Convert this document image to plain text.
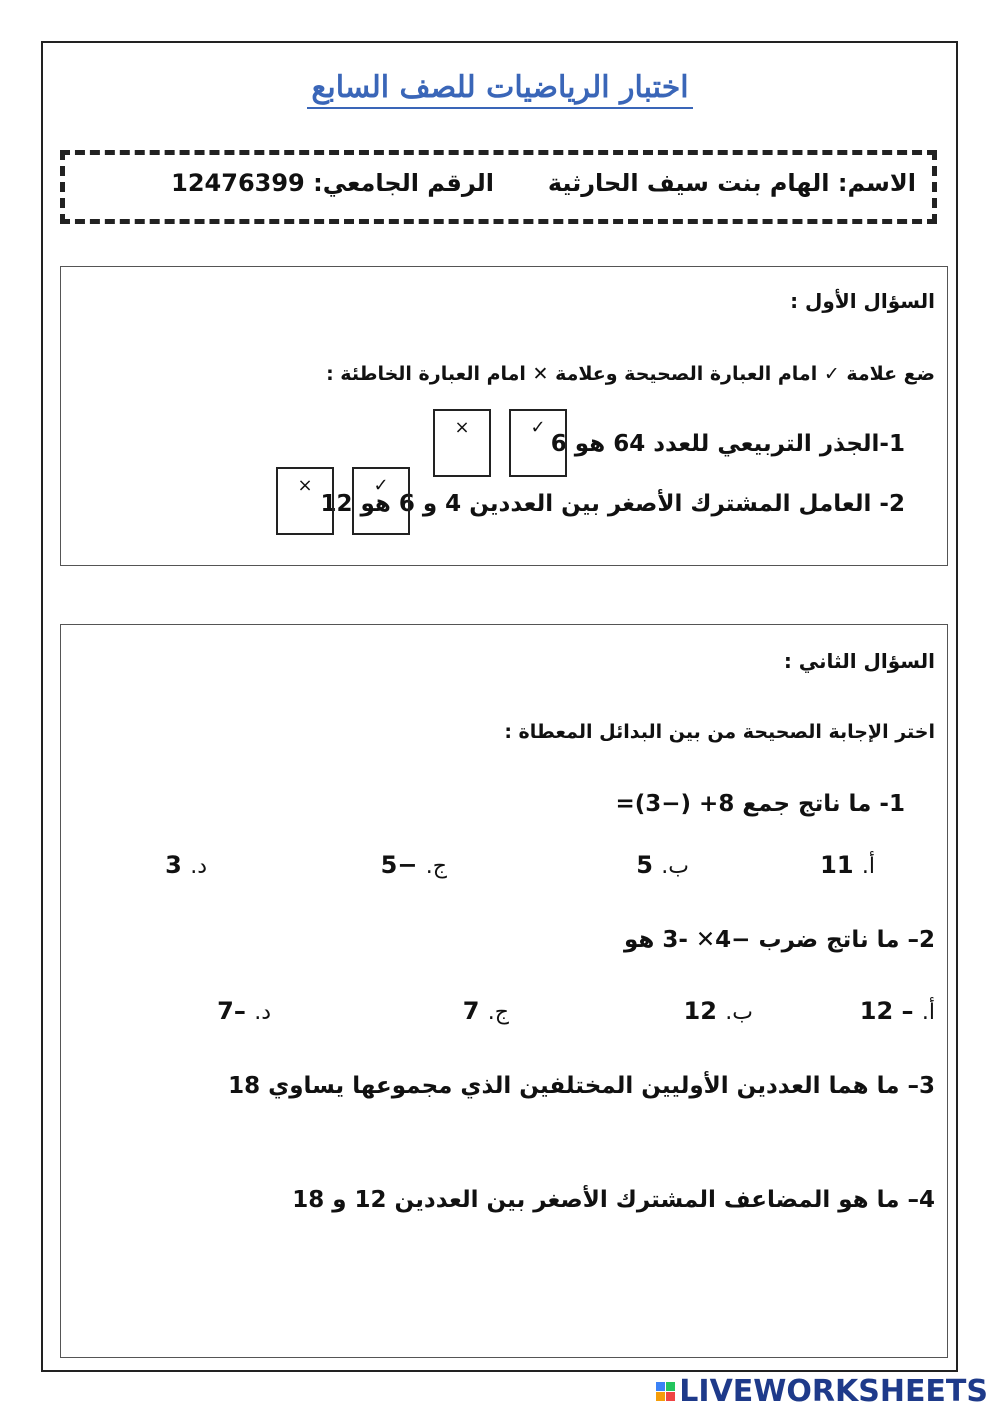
اختبار الرياضيات للصف السابع
الاسم: الهام بنت سيف الحارثية
الرقم الجامعي: 12476399
السؤال الأول :
ضع علامة ✓ امام العبارة الصحيحة وعلامة ✕ امام العبارة الخاطئة :
1-الجذر التربيعي للعدد 64 هو 6
✓
×
2- العامل المشترك الأصغر بين العددين 4 و 6 هو 12
✓
×
السؤال الثاني :
اختر الإجابة الصحيحة من بين البدائل المعطاة :
1- ما ناتج جمع 8+ (−3)=
أ. 11
ب. 5
ج. −5
د. 3
2– ما ناتج ضرب −4✕ -3 هو
أ. – 12
ب. 12
ج. 7
د. –7
3– ما هما العددين الأوليين المختلفين الذي مجموعها يساوي 18
4– ما هو المضاعف المشترك الأصغر بين العددين 12 و 18
LIVEWORKSHEETS
